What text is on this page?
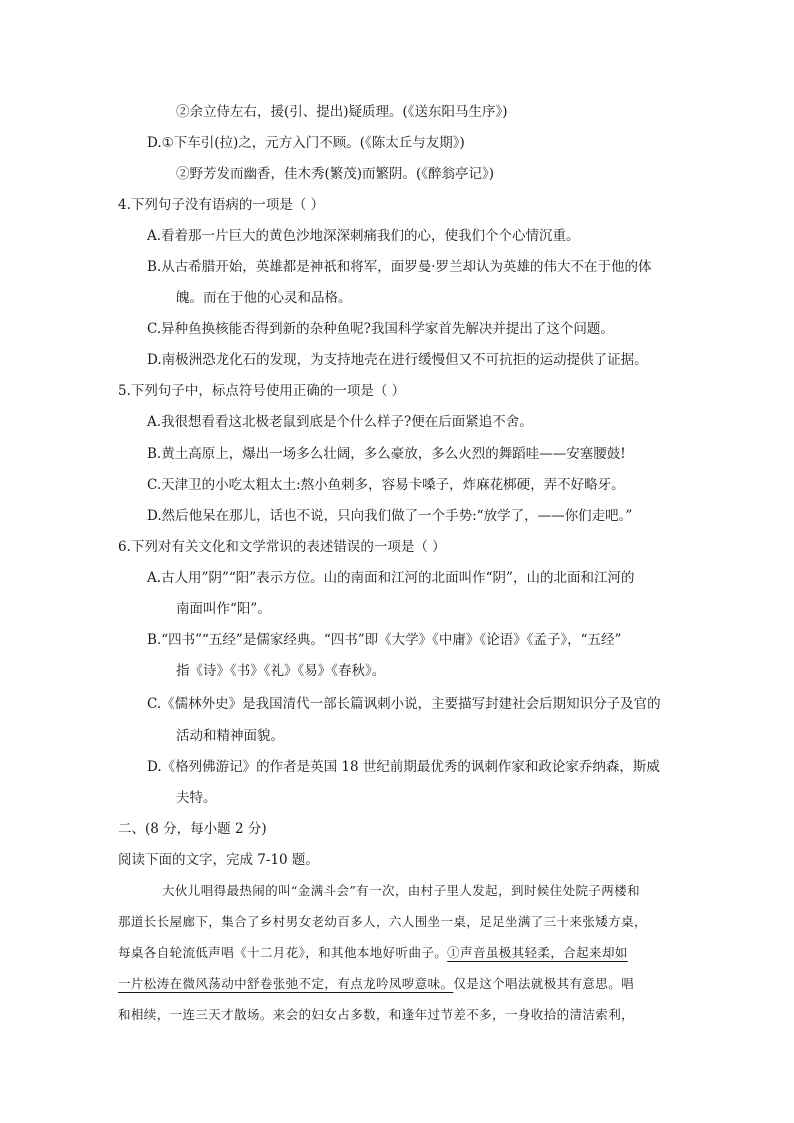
②余立侍左右，援(引、提出)疑质理。(《送东阳马生序》)
D.①下车引(拉)之，元方入门不顾。(《陈太丘与友期》)
②野芳发而幽香，佳木秀(繁茂)而繁阴。(《醉翁亭记》)
4.下列句子没有语病的一项是（ ）
A.看着那一片巨大的黄色沙地深深刺痛我们的心，使我们个个心情沉重。
B.从古希腊开始，英雄都是神祇和将军，面罗曼·罗兰却认为英雄的伟大不在于他的体
魄。而在于他的心灵和品格。
C.异种鱼换核能否得到新的杂种鱼呢?我国科学家首先解决并提出了这个问题。
D.南极洲恐龙化石的发现，为支持地壳在进行缓慢但又不可抗拒的运动提供了证据。
5.下列句子中，标点符号使用正确的一项是（ ）
A.我很想看看这北极老鼠到底是个什么样子?便在后面紧追不舍。
B.黄土高原上，爆出一场多么壮阔，多么豪放，多么火烈的舞蹈哇——安塞腰鼓!
C.天津卫的小吃太粗太土:熬小鱼刺多，容易卡嗓子，炸麻花梆硬，弄不好略牙。
D.然后他呆在那儿，话也不说，只向我们做了一个手势:“放学了，——你们走吧。”
6.下列对有关文化和文学常识的表述错误的一项是（ ）
A.古人用”阴”“阳”表示方位。山的南面和江河的北面叫作“阴”，山的北面和江河的
南面叫作“阳”。
B.“四书”“五经”是儒家经典。“四书”即《大学》《中庸》《论语》《孟子》，“五经”
指《诗》《书》《礼》《易》《春秋》。
C.《儒林外史》是我国清代一部长篇讽刺小说，主要描写封建社会后期知识分子及官的
活动和精神面貌。
D.《格列佛游记》的作者是英国 18 世纪前期最优秀的讽刺作家和政论家乔纳森，斯威
夫特。
二、(8 分，每小题 2 分)
阅读下面的文字，完成 7-10 题。
大伙儿唱得最热闹的叫“金满斗会”有一次，由村子里人发起，到时候住处院子两楼和
那道长长屋廊下，集合了乡村男女老幼百多人，六人围坐一桌，足足坐满了三十来张矮方桌，
每桌各自轮流低声唱《十二月花》，和其他本地好听曲子。①声音虽极其轻柔，合起来却如
一片松涛在微风荡动中舒卷张弛不定，有点龙吟凤哕意味。仅是这个唱法就极其有意思。唱
和相续，一连三天才散场。来会的妇女占多数，和逢年过节差不多，一身收拾的清洁索利，
